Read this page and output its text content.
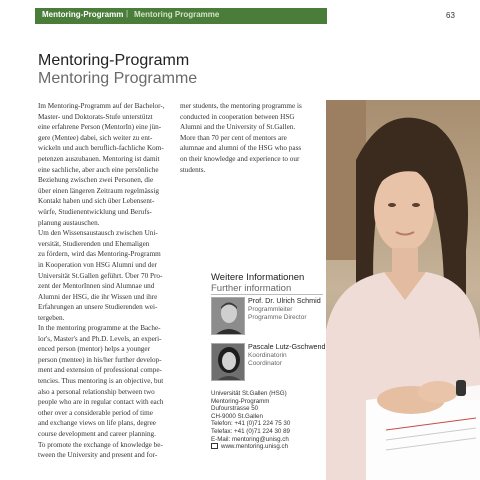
Mentoring-Programm | Mentoring Programme	63
Mentoring-Programm
Mentoring Programme

Im Mentoring-Programm auf der Bachelor-,

Master- und Doktorats-Stufe unterstützt

eine erfahrene Person (MentorIn) eine jün-

gere (Mentee) dabei, sich weiter zu ent-

wickeln und auch beruflich-fachliche Kom-

petenzen auszubauen. Mentoring ist damit

eine sachliche, aber auch eine persönliche

Beziehung zwischen zwei Personen, die

über einen längeren Zeitraum regelmässig

Kontakt haben und sich über Lebensent-

würfe, Studienentwicklung und Berufs-

planung austauschen.

Um den Wissensaustausch zwischen Uni-

versität, Studierenden und Ehemaligen

zu fördern, wird das Mentoring-Programm

in Kooperation von HSG Alumni und der

Universität St.Gallen geführt. Über 70 Pro-

zent der MentorInnen sind Alumnae und

Alumni der HSG, die ihr Wissen und ihre

Erfahrungen an unsere Studierenden wei-

tergeben.

In the mentoring programme at the Bache-

lor's, Master's and Ph.D. Levels, an experi-

enced person (mentor) helps a younger

person (mentee) in his/her further develop-

ment and extension of professional compe-

tencies. Thus mentoring is an objective, but

also a personal relationship between two

people who are in regular contact with each

other over a considerable period of time

and exchange views on life plans, degree

course development and career planning.

To promote the exchange of knowledge be-

tween the University and present and for-

mer students, the mentoring programme is

conducted in cooperation between HSG

Alumni and the University of St.Gallen.

More than 70 per cent of mentors are

alumnae and alumni of the HSG who pass

on their knowledge and experience to our

students.

Weitere Informationen
Further information
Prof. Dr. Ulrich Schmid
Programmleiter
Programme Director
Pascale Lutz-Gschwend
Koordinatorin
Coordinator
Universität St.Gallen (HSG)
Mentoring-Programm
Dufourstrasse 50
CH-9000 St.Gallen
Telefon: +41 (0)71 224 75 30
Telefax: +41 (0)71 224 30 89
E-Mail: mentoring@unisg.ch
www.mentoring.unisg.ch
